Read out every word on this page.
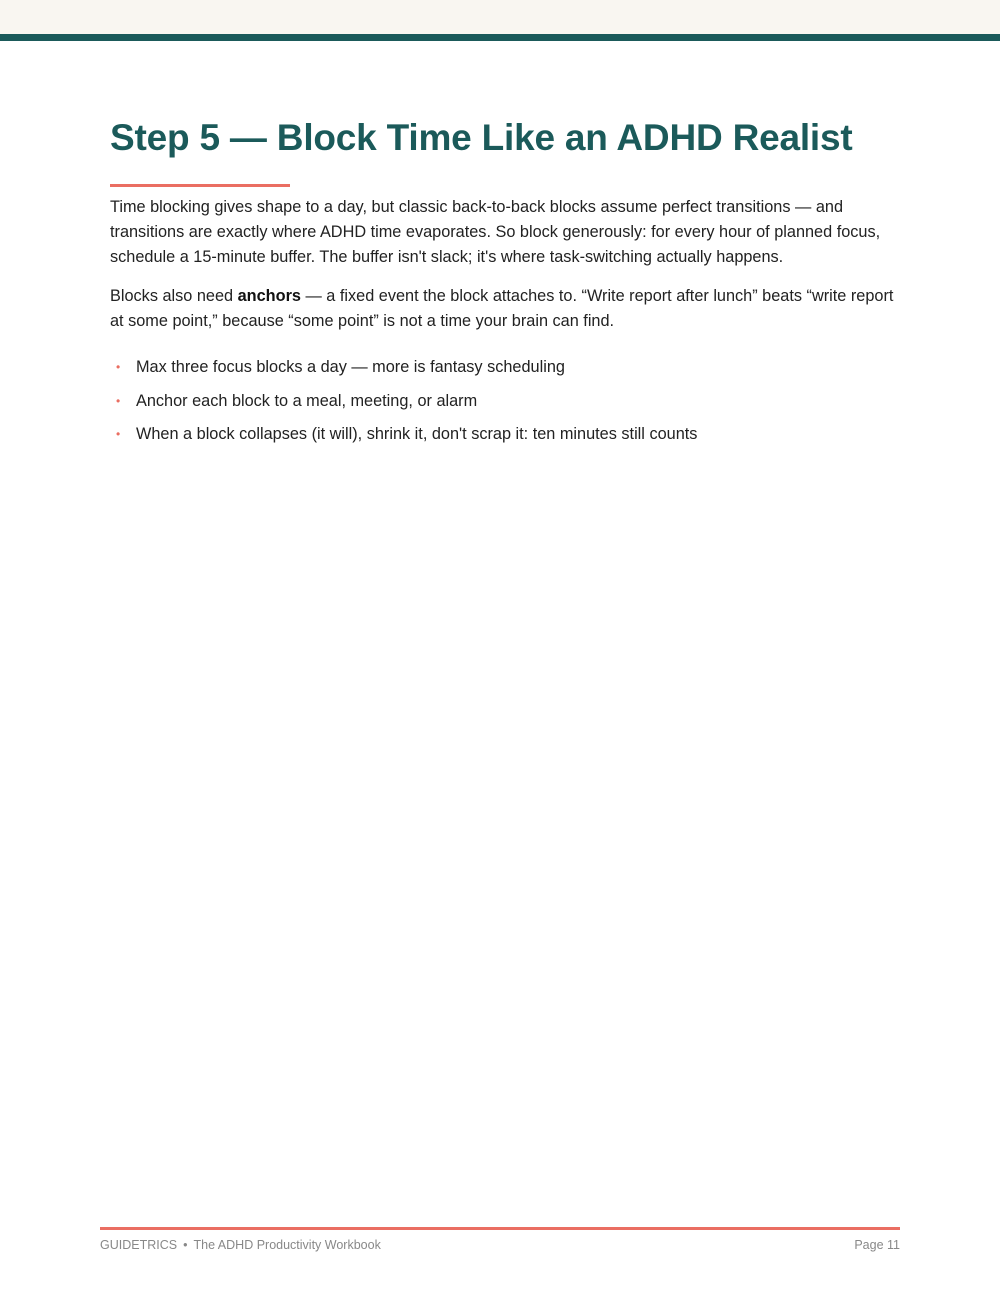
Step 5 — Block Time Like an ADHD Realist

Time blocking gives shape to a day, but classic back-to-back blocks assume perfect transitions — and transitions are exactly where ADHD time evaporates. So block generously: for every hour of planned focus, schedule a 15-minute buffer. The buffer isn't slack; it's where task-switching actually happens.

Blocks also need anchors — a fixed event the block attaches to. “Write report after lunch” beats “write report at some point,” because “some point” is not a time your brain can find.

• Max three focus blocks a day — more is fantasy scheduling
• Anchor each block to a meal, meeting, or alarm
• When a block collapses (it will), shrink it, don't scrap it: ten minutes still counts
GUIDETRICS • The ADHD Productivity Workbook	Page 11
